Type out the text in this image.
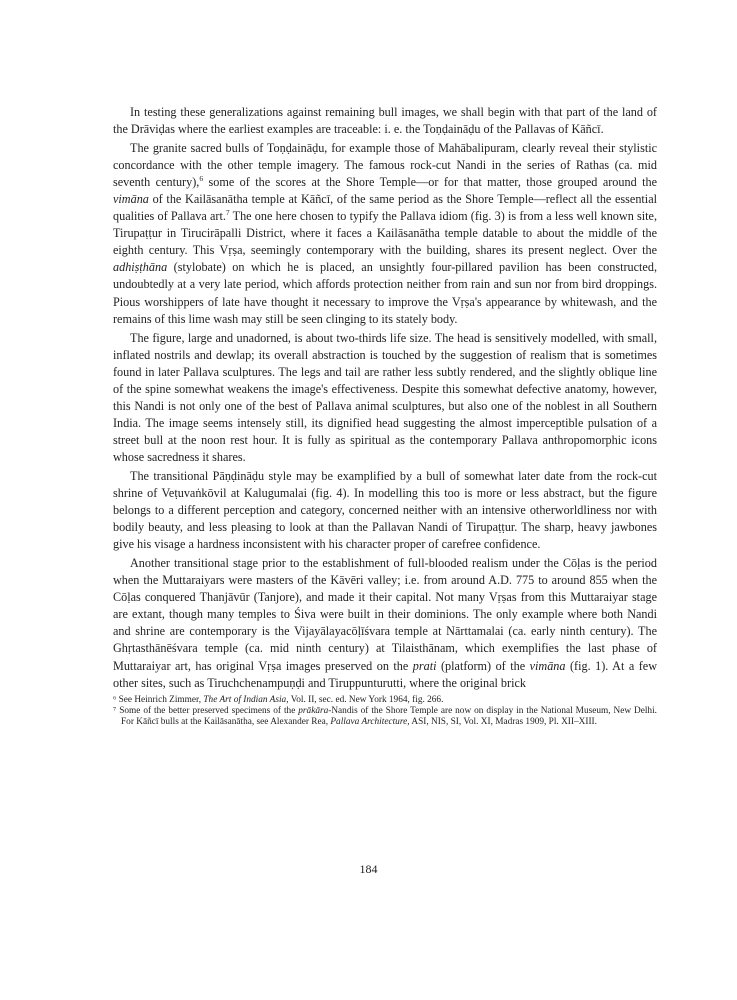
In testing these generalizations against remaining bull images, we shall begin with that part of the land of the Drāviḍas where the earliest examples are traceable: i. e. the Toṇḍaināḍu of the Pallavas of Kāñcī.

The granite sacred bulls of Toṇḍaināḍu, for example those of Mahābalipuram, clearly reveal their stylistic concordance with the other temple imagery. The famous rock-cut Nandi in the series of Rathas (ca. mid seventh century),$^6$ some of the scores at the Shore Temple—or for that matter, those grouped around the vimāna of the Kailāsanātha temple at Kāñcī, of the same period as the Shore Temple—reflect all the essential qualities of Pallava art.$^7$ The one here chosen to typify the Pallava idiom (fig. 3) is from a less well known site, Tirupaṭṭur in Tirucirāpalli District, where it faces a Kailāsanātha temple datable to about the middle of the eighth century. This Vṛṣa, seemingly contemporary with the building, shares its present neglect. Over the adhiṣṭhāna (stylobate) on which he is placed, an unsightly four-pillared pavilion has been constructed, undoubtedly at a very late period, which affords protection neither from rain and sun nor from bird droppings. Pious worshippers of late have thought it necessary to improve the Vṛṣa's appearance by whitewash, and the remains of this lime wash may still be seen clinging to its stately body.

The figure, large and unadorned, is about two-thirds life size. The head is sensitively modelled, with small, inflated nostrils and dewlap; its overall abstraction is touched by the suggestion of realism that is sometimes found in later Pallava sculptures. The legs and tail are rather less subtly rendered, and the slightly oblique line of the spine somewhat weakens the image's effectiveness. Despite this somewhat defective anatomy, however, this Nandi is not only one of the best of Pallava animal sculptures, but also one of the noblest in all Southern India. The image seems intensely still, its dignified head suggesting the almost imperceptible pulsation of a street bull at the noon rest hour. It is fully as spiritual as the contemporary Pallava anthropomorphic icons whose sacredness it shares.

The transitional Pāṇḍināḍu style may be examplified by a bull of somewhat later date from the rock-cut shrine of Veṭuvaṅkōvil at Kalugumalai (fig. 4). In modelling this too is more or less abstract, but the figure belongs to a different perception and category, concerned neither with an intensive otherworldliness nor with bodily beauty, and less pleasing to look at than the Pallavan Nandi of Tirupaṭṭur. The sharp, heavy jawbones give his visage a hardness inconsistent with his character proper of carefree confidence.

Another transitional stage prior to the establishment of full-blooded realism under the Cōḷas is the period when the Muttaraiyars were masters of the Kāvēri valley; i.e. from around A.D. 775 to around 855 when the Cōḷas conquered Thanjāvūr (Tanjore), and made it their capital. Not many Vṛṣas from this Muttaraiyar stage are extant, though many temples to Śiva were built in their dominions. The only example where both Nandi and shrine are contemporary is the Vijayālayacōḷīśvara temple at Nārttamalai (ca. early ninth century). The Ghṛtasthānēśvara temple (ca. mid ninth century) at Tilaisthānam, which exemplifies the last phase of Muttaraiyar art, has original Vṛṣa images preserved on the prati (platform) of the vimāna (fig. 1). At a few other sites, such as Tiruchchenampuṇḍi and Tiruppunturutti, where the original brick

⁶ See Heinrich Zimmer, The Art of Indian Asia, Vol. II, sec. ed. New York 1964, fig. 266.

⁷ Some of the better preserved specimens of the prākāra-Nandis of the Shore Temple are now on display in the National Museum, New Delhi. For Kāñcī bulls at the Kailāsanātha, see Alexander Rea, Pallava Architecture, ASI, NIS, SI, Vol. XI, Madras 1909, Pl. XII–XIII.

184
